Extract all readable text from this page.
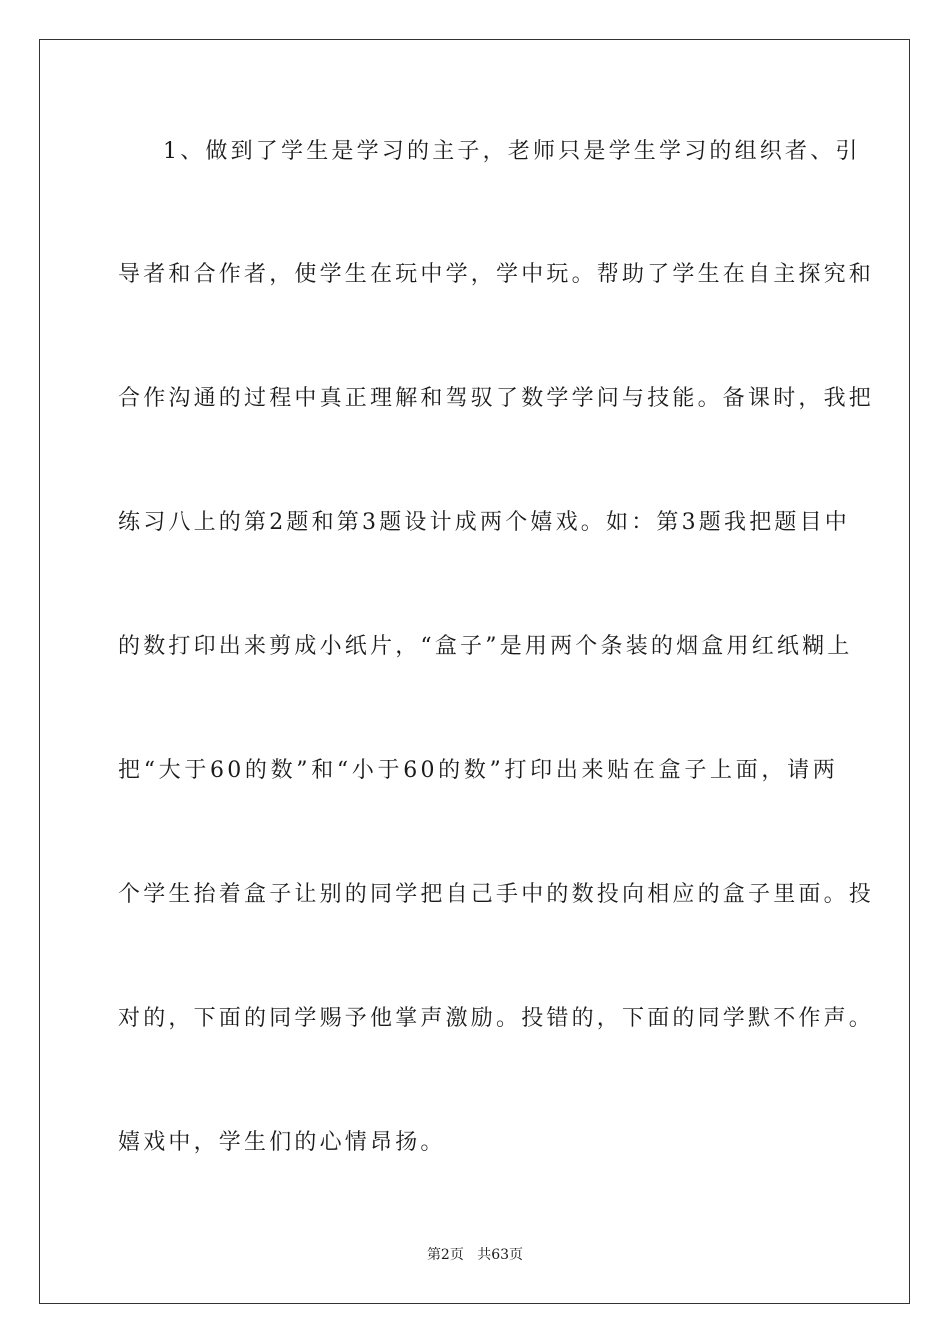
1、做到了学生是学习的主子，老师只是学生学习的组织者、引

导者和合作者，使学生在玩中学，学中玩。帮助了学生在自主探究和

合作沟通的过程中真正理解和驾驭了数学学问与技能。备课时，我把

练习八上的第2题和第3题设计成两个嬉戏。如：第3题我把题目中

的数打印出来剪成小纸片，“盒子”是用两个条装的烟盒用红纸糊上

把“大于60的数”和“小于60的数”打印出来贴在盒子上面，请两

个学生抬着盒子让别的同学把自己手中的数投向相应的盒子里面。投

对的，下面的同学赐予他掌声激励。投错的，下面的同学默不作声。

嬉戏中，学生们的心情昂扬。

第2页 共63页
